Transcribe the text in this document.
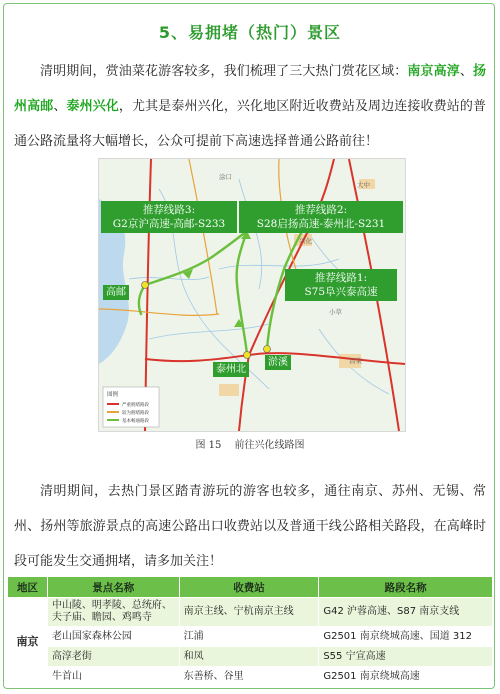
5、易拥堵（热门）景区
清明期间，赏油菜花游客较多，我们梳理了三大热门赏花区域：南京高淳、扬州高邮、泰州兴化，尤其是泰州兴化，兴化地区附近收费站及周边连接收费站的普通公路流量将大幅增长，公众可提前下高速选择普通公路前往！
大中
兴化
涂口
昌荣
小草
图例
严重拥堵路段
较为拥堵路段
基本畅通路段
推荐线路3:
G2京沪高速-高邮-S233
推荐线路2:
S28启扬高速-泰州北-S231
推荐线路1:
S75阜兴泰高速
高邮
泰州北
淤溪
图 15　 前往兴化线路图
清明期间，去热门景区踏青游玩的游客也较多，通往南京、苏州、无锡、常州、扬州等旅游景点的高速公路出口收费站以及普通干线公路相关路段，在高峰时段可能发生交通拥堵，请多加关注！
地区	景点名称	收费站	路段名称
南京	中山陵、明孝陵、总统府、夫子庙、瞻园、鸡鸣寺	南京主线、宁杭南京主线	G42 沪蓉高速、S87 南京支线
	老山国家森林公园	江浦	G2501 南京绕城高速、国道 312
	高淳老街	和凤	S55 宁宣高速
	牛首山	东善桥、谷里	G2501 南京绕城高速
